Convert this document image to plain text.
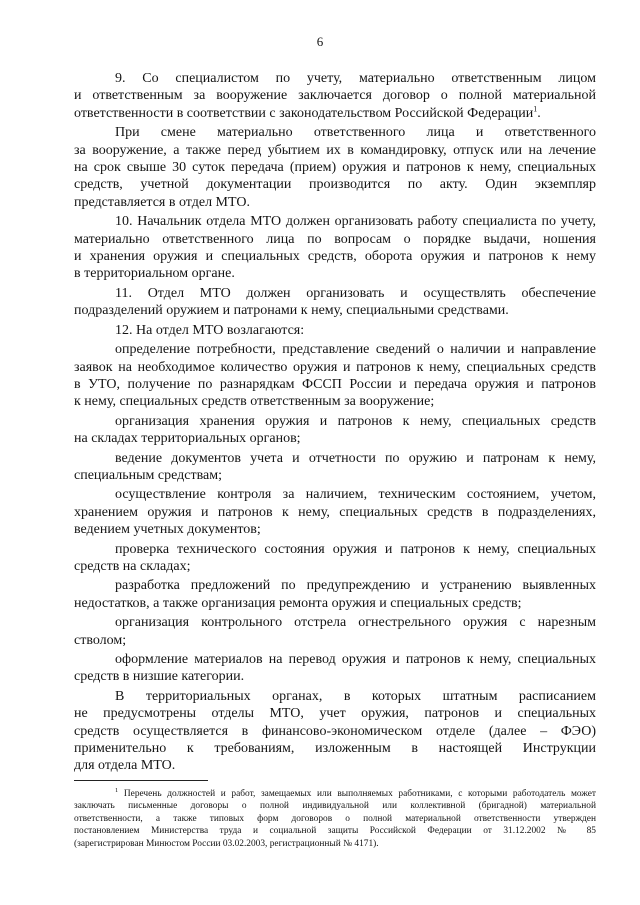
6
9. Со специалистом по учету, материально ответственным лицом
и ответственным за вооружение заключается договор о полной материальной
ответственности в соответствии с законодательством Российской Федерации$^1$.
При смене материально ответственного лица и ответственного
за вооружение, а также перед убытием их в командировку, отпуск или на лечение
на срок свыше 30 суток передача (прием) оружия и патронов к нему, специальных
средств, учетной документации производится по акту. Один экземпляр
представляется в отдел МТО.
10. Начальник отдела МТО должен организовать работу специалиста по учету,
материально ответственного лица по вопросам о порядке выдачи, ношения
и хранения оружия и специальных средств, оборота оружия и патронов к нему
в территориальном органе.
11. Отдел МТО должен организовать и осуществлять обеспечение
подразделений оружием и патронами к нему, специальными средствами.
12. На отдел МТО возлагаются:
определение потребности, представление сведений о наличии и направление
заявок на необходимое количество оружия и патронов к нему, специальных средств
в УТО, получение по разнарядкам ФССП России и передача оружия и патронов
к нему, специальных средств ответственным за вооружение;
организация хранения оружия и патронов к нему, специальных средств
на складах территориальных органов;
ведение документов учета и отчетности по оружию и патронам к нему,
специальным средствам;
осуществление контроля за наличием, техническим состоянием, учетом,
хранением оружия и патронов к нему, специальных средств в подразделениях,
ведением учетных документов;
проверка технического состояния оружия и патронов к нему, специальных
средств на складах;
разработка предложений по предупреждению и устранению выявленных
недостатков, а также организация ремонта оружия и специальных средств;
организация контрольного отстрела огнестрельного оружия с нарезным
стволом;
оформление материалов на перевод оружия и патронов к нему, специальных
средств в низшие категории.
В территориальных органах, в которых штатным расписанием
не предусмотрены отделы МТО, учет оружия, патронов и специальных
средств осуществляется в финансово-экономическом отделе (далее – ФЭО)
применительно к требованиям, изложенным в настоящей Инструкции
для отдела МТО.
$^1$ Перечень должностей и работ, замещаемых или выполняемых работниками, с которыми работодатель может
заключать письменные договоры о полной индивидуальной или коллективной (бригадной) материальной
ответственности, а также типовых форм договоров о полной материальной ответственности утвержден
постановлением Министерства труда и социальной защиты Российской Федерации от 31.12.2002 № 85
(зарегистрирован Минюстом России 03.02.2003, регистрационный № 4171).
